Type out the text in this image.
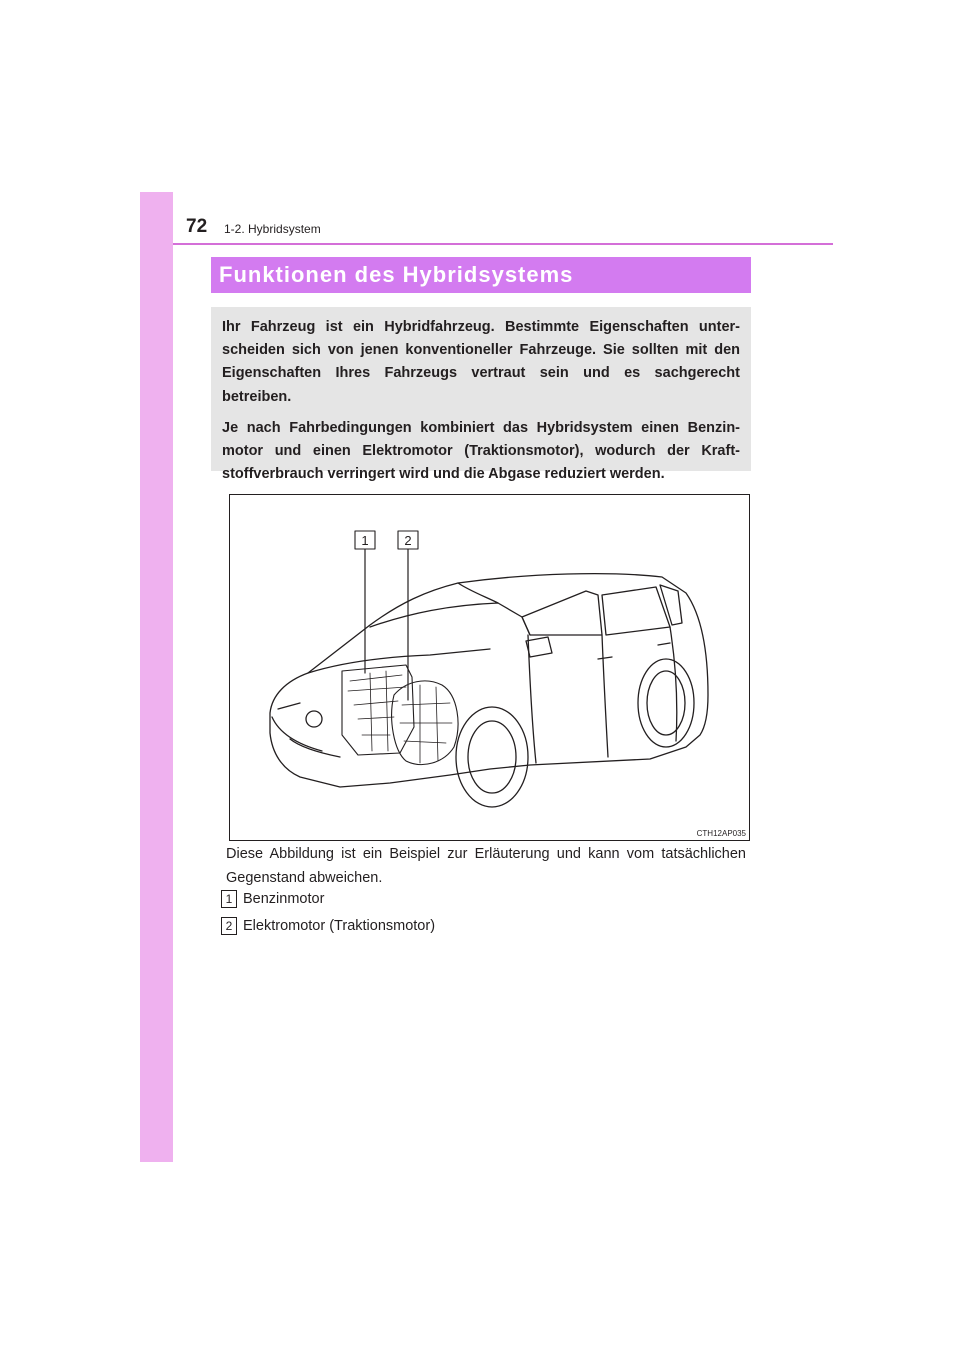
72 1-2. Hybridsystem
Funktionen des Hybridsystems

Ihr Fahrzeug ist ein Hybridfahrzeug. Bestimmte Eigenschaften unter-scheiden sich von jenen konventioneller Fahrzeuge. Sie sollten mit den Eigenschaften Ihres Fahrzeugs vertraut sein und es sachgerecht betreiben.

Je nach Fahrbedingungen kombiniert das Hybridsystem einen Benzin-motor und einen Elektromotor (Traktionsmotor), wodurch der Kraft-stoffverbrauch verringert wird und die Abgase reduziert werden.

1	2
CTH12AP035
Diese Abbildung ist ein Beispiel zur Erläuterung und kann vom tatsächlichen Gegenstand abweichen.
1 Benzinmotor
2 Elektromotor (Traktionsmotor)
